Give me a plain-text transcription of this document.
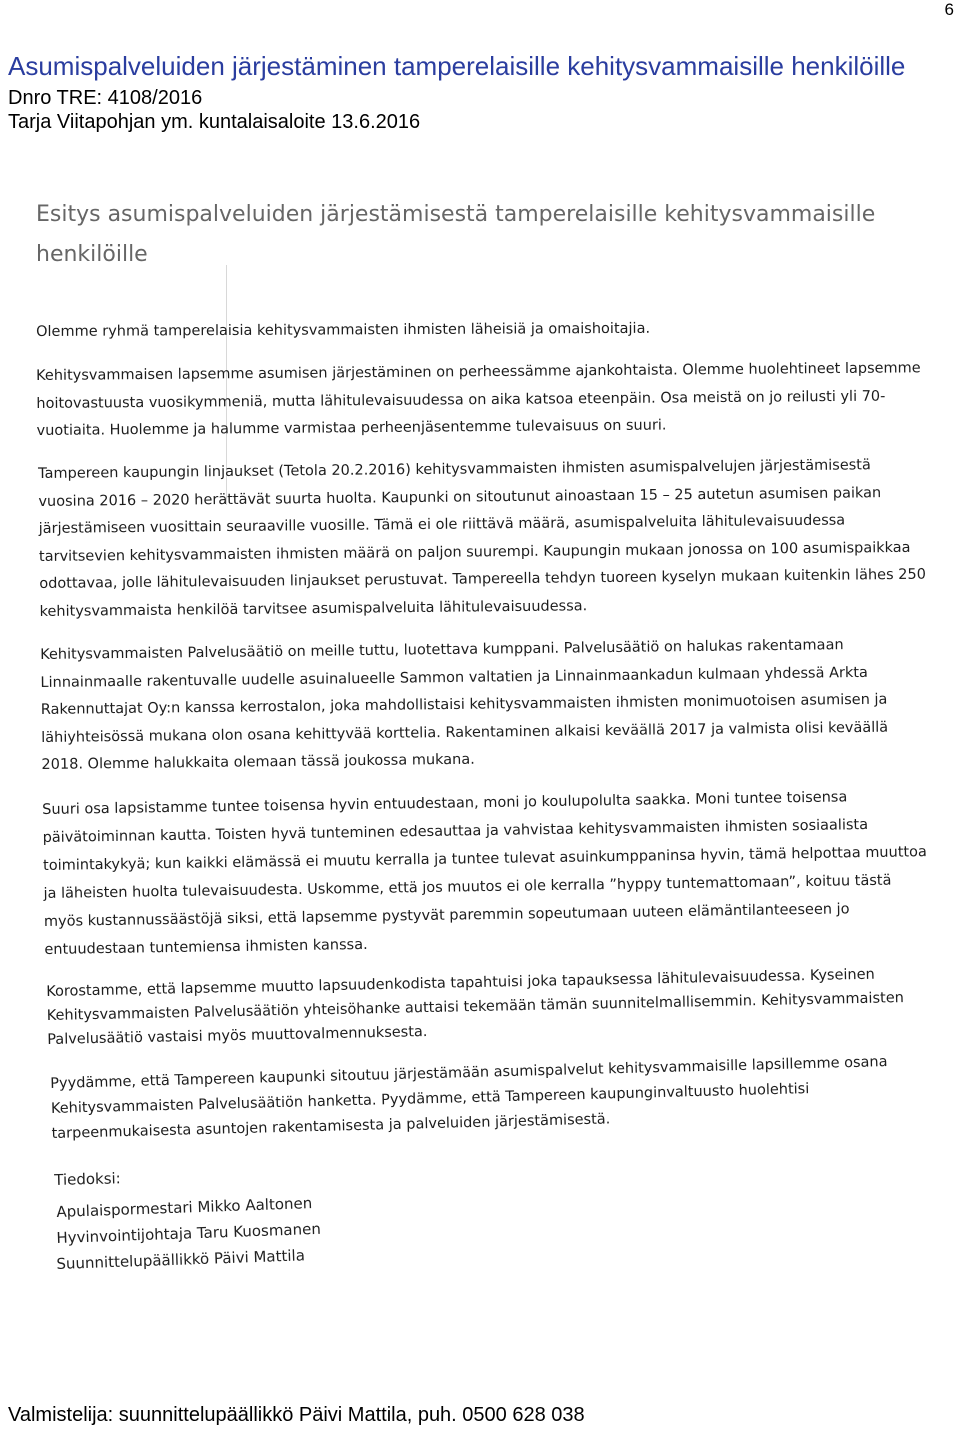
6
Asumispalveluiden järjestäminen tamperelaisille kehitysvammaisille henkilöille

Dnro TRE: 4108/2016

Tarja Viitapohjan ym. kuntalaisaloite 13.6.2016

Esitys asumispalveluiden järjestämisestä tamperelaisille kehitysvammaisille henkilöille

Olemme ryhmä tamperelaisia kehitysvammaisten ihmisten läheisiä ja omaishoitajia.

Kehitysvammaisen lapsemme asumisen järjestäminen on perheessämme ajankohtaista. Olemme huolehtineet lapsemme hoitovastuusta vuosikymmeniä, mutta lähitulevaisuudessa on aika katsoa eteenpäin. Osa meistä on jo reilusti yli 70-vuotiaita. Huolemme ja halumme varmistaa perheenjäsentemme tulevaisuus on suuri.

Tampereen kaupungin linjaukset (Tetola 20.2.2016) kehitysvammaisten ihmisten asumispalvelujen järjestämisestä vuosina 2016 – 2020 herättävät suurta huolta. Kaupunki on sitoutunut ainoastaan 15 – 25 autetun asumisen paikan järjestämiseen vuosittain seuraaville vuosille. Tämä ei ole riittävä määrä, asumispalveluita lähitulevaisuudessa tarvitsevien kehitysvammaisten ihmisten määrä on paljon suurempi. Kaupungin mukaan jonossa on 100 asumispaikkaa odottavaa, jolle lähitulevaisuuden linjaukset perustuvat. Tampereella tehdyn tuoreen kyselyn mukaan kuitenkin lähes 250 kehitysvammaista henkilöä tarvitsee asumispalveluita lähitulevaisuudessa.

Kehitysvammaisten Palvelusäätiö on meille tuttu, luotettava kumppani. Palvelusäätiö on halukas rakentamaan Linnainmaalle rakentuvalle uudelle asuinalueelle Sammon valtatien ja Linnainmaankadun kulmaan yhdessä Arkta Rakennuttajat Oy:n kanssa kerrostalon, joka mahdollistaisi kehitysvammaisten ihmisten monimuotoisen asumisen ja lähiyhteisössä mukana olon osana kehittyvää korttelia. Rakentaminen alkaisi keväällä 2017 ja valmista olisi keväällä 2018. Olemme halukkaita olemaan tässä joukossa mukana.

Suuri osa lapsistamme tuntee toisensa hyvin entuudestaan, moni jo koulupolulta saakka. Moni tuntee toisensa päivätoiminnan kautta. Toisten hyvä tunteminen edesauttaa ja vahvistaa kehitysvammaisten ihmisten sosiaalista toimintakykyä; kun kaikki elämässä ei muutu kerralla ja tuntee tulevat asuinkumppaninsa hyvin, tämä helpottaa muuttoa ja läheisten huolta tulevaisuudesta. Uskomme, että jos muutos ei ole kerralla ”hyppy tuntemattomaan”, koituu tästä myös kustannussäästöjä siksi, että lapsemme pystyvät paremmin sopeutumaan uuteen elämäntilanteeseen jo entuudestaan tuntemiensa ihmisten kanssa.

Korostamme, että lapsemme muutto lapsuudenkodista tapahtuisi joka tapauksessa lähitulevaisuudessa. Kyseinen Kehitysvammaisten Palvelusäätiön yhteisöhanke auttaisi tekemään tämän suunnitelmallisemmin. Kehitysvammaisten Palvelusäätiö vastaisi myös muuttovalmennuksesta.

Pyydämme, että Tampereen kaupunki sitoutuu järjestämään asumispalvelut kehitysvammaisille lapsillemme osana Kehitysvammaisten Palvelusäätiön hanketta. Pyydämme, että Tampereen kaupunginvaltuusto huolehtisi tarpeenmukaisesta asuntojen rakentamisesta ja palveluiden järjestämisestä.

Tiedoksi:
Apulaispormestari Mikko Aaltonen
Hyvinvointijohtaja Taru Kuosmanen
Suunnittelupäällikkö Päivi Mattila
Valmistelija: suunnittelupäällikkö Päivi Mattila, puh. 0500 628 038
